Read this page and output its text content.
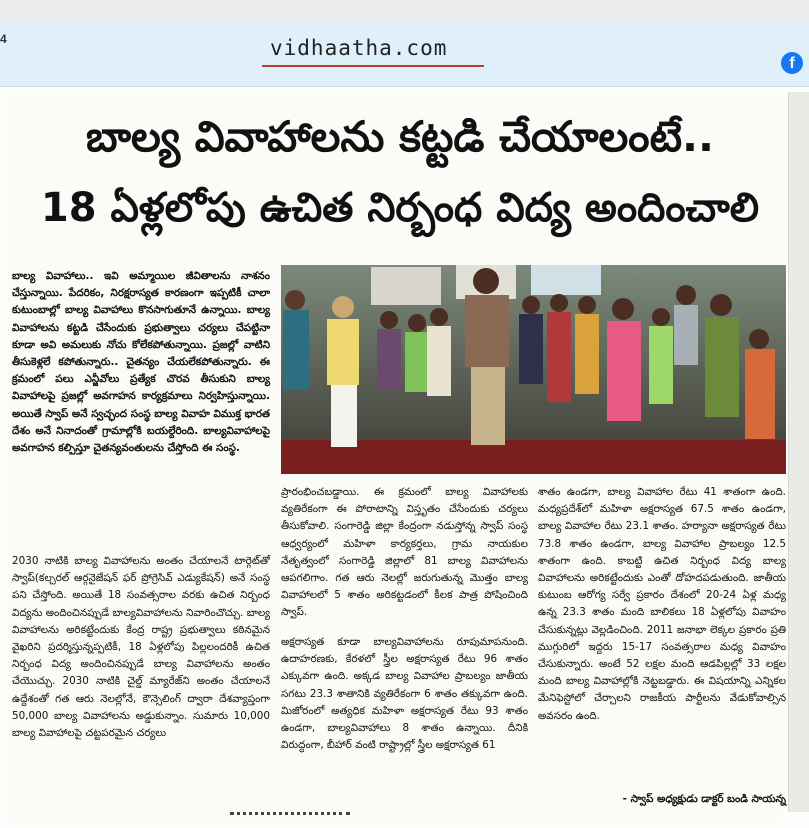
vidhaatha.com
f
4
బాల్య వివాహాలను కట్టడి చేయాలంటే..
18 ఏళ్లలోపు ఉచిత నిర్బంధ విద్య అందించాలి

బాల్య వివాహాలు.. ఇవి అమ్మాయిల జీవితాలను నాశనం చేస్తున్నాయి. పేదరికం, నిరక్షరాస్యత కారణంగా ఇప్పటికీ చాలా కుటుంబాల్లో బాల్య వివాహాలు కొనసాగుతూనే ఉన్నాయి. బాల్య వివాహాలను కట్టడి చేసేందుకు ప్రభుత్వాలు చర్యలు చేపట్టినా కూడా అవి అమలుకు నోచు కోలేకపోతున్నాయి. ప్రజల్లో వాటిని తీసుకెళ్లలే కపోతున్నారు.. చైతన్యం చేయలేకపోతున్నారు. ఈ క్రమంలో పలు ఎన్జీవోలు ప్రత్యేక చొరవ తీసుకుని బాల్య వివాహాలపై ప్రజల్లో అవగాహన కార్యక్రమాలు నిర్వహిస్తున్నాయి. అయితే స్వాప్ అనే స్వచ్ఛంద సంస్థ బాల్య వివాహ విముక్త భారత దేశం అనే నినాదంతో గ్రామాల్లోకి బయల్దేరింది. బాల్యవివాహాలపై అవగాహన కల్పిస్తూ చైతన్యవంతులను చేస్తోంది ఈ సంస్థ.

2030 నాటికి బాల్య వివాహాలను అంతం చేయాలనే టార్గెట్‌తో స్వాప్(కల్చరల్ ఆర్గనైజేషన్ ఫర్ ప్రోగ్రెసివ్ ఎడ్యుకేషన్) అనే సంస్థ పని చేస్తోంది. అయితే 18 సంవత్సరాల వరకు ఉచిత నిర్బంధ విద్యను అందించినప్పుడే బాల్యవివాహాలను నివారించొచ్చు. బాల్య వివాహాలను అరికట్టేందుకు కేంద్ర రాష్ట్ర ప్రభుత్వాలు కఠినమైన వైఖరిని ప్రదర్శిస్తున్నప్పటికీ, 18 ఏళ్లలోపు పిల్లలందరికీ ఉచిత నిర్బంధ విద్య అందించినప్పుడే బాల్య వివాహాలను అంతం చేయొచ్చు. 2030 నాటికి చైల్డ్ మ్యారేజ్‌ని అంతం చేయాలనే ఉద్దేశంతో గత ఆరు నెలల్లోనే, కౌన్సెలింగ్ ద్వారా దేశవ్యాప్తంగా 50,000 బాల్య వివాహాలను అడ్డుకున్నాం. సుమారు 10,000 బాల్య వివాహాలపై చట్టపరమైన చర్యలు

ప్రారంభించబడ్డాయి. ఈ క్రమంలో బాల్య వివాహాలకు వ్యతిరేకంగా ఈ పోరాటాన్ని విస్తృతం చేసేందుకు చర్యలు తీసుకోవాలి. సంగారెడ్డి జిల్లా కేంద్రంగా నడుస్తోన్న స్వాప్ సంస్థ ఆధ్వర్యంలో మహిళా కార్యకర్తలు, గ్రామ నాయకుల నేతృత్వంలో సంగారెడ్డి జిల్లాలో 81 బాల్య వివాహాలను ఆపగలిగాం. గత ఆరు నెలల్లో జరుగుతున్న మొత్తం బాల్య వివాహాలలో 5 శాతం అరికట్టడంలో కీలక పాత్ర పోషించింది స్వాప్.

అక్షరాస్యత కూడా బాల్యవివాహాలను రూపుమాపనుంది. ఉదాహరణకు, కేరళలో స్త్రీల అక్షరాస్యత రేటు 96 శాతం ఎక్కువగా ఉంది. అక్కడ బాల్య వివాహాల ప్రాబల్యం జాతీయ సగటు 23.3 శాతానికి వ్యతిరేకంగా 6 శాతం తక్కువగా ఉంది. మిజోరంలో అత్యధిక మహిళా అక్షరాస్యత రేటు 93 శాతం ఉండగా, బాల్యవివాహాలు 8 శాతం ఉన్నాయి. దీనికి విరుద్ధంగా, బీహార్ వంటి రాష్ట్రాల్లో స్త్రీల అక్షరాస్యత 61

శాతం ఉండగా, బాల్య వివాహాల రేటు 41 శాతంగా ఉంది. మధ్యప్రదేశ్‌లో మహిళా అక్షరాస్యత 67.5 శాతం ఉండగా, బాల్య వివాహాల రేటు 23.1 శాతం. హర్యానా అక్షరాస్యత రేటు 73.8 శాతం ఉండగా, బాల్య వివాహాల ప్రాబల్యం 12.5 శాతంగా ఉంది. కాబట్టి ఉచిత నిర్బంధ విద్య బాల్య వివాహాలను అరికట్టేందుకు ఎంతో దోహదపడుతుంది. జాతీయ కుటుంబ ఆరోగ్య సర్వే ప్రకారం దేశంలో 20-24 ఏళ్ల మధ్య ఉన్న 23.3 శాతం మంది బాలికలు 18 ఏళ్లలోపు వివాహం చేసుకున్నట్లు వెల్లడించింది. 2011 జనాభా లెక్కల ప్రకారం ప్రతి ముగ్గురిలో ఇద్దరు 15-17 సంవత్సరాల మధ్య వివాహం చేసుకున్నారు. అంటే 52 లక్షల మంది ఆడపిల్లల్లో 33 లక్షల మంది బాల్య వివాహాల్లోకి నెట్టబడ్డారు. ఈ విషయాన్ని ఎన్నికల మేనిఫెస్టోలో చేర్చాలని రాజకీయ పార్టీలను వేడుకోవాల్సిన అవసరం ఉంది.

- స్వాప్ అధ్యక్షుడు డాక్టర్ బండి సాయన్న
